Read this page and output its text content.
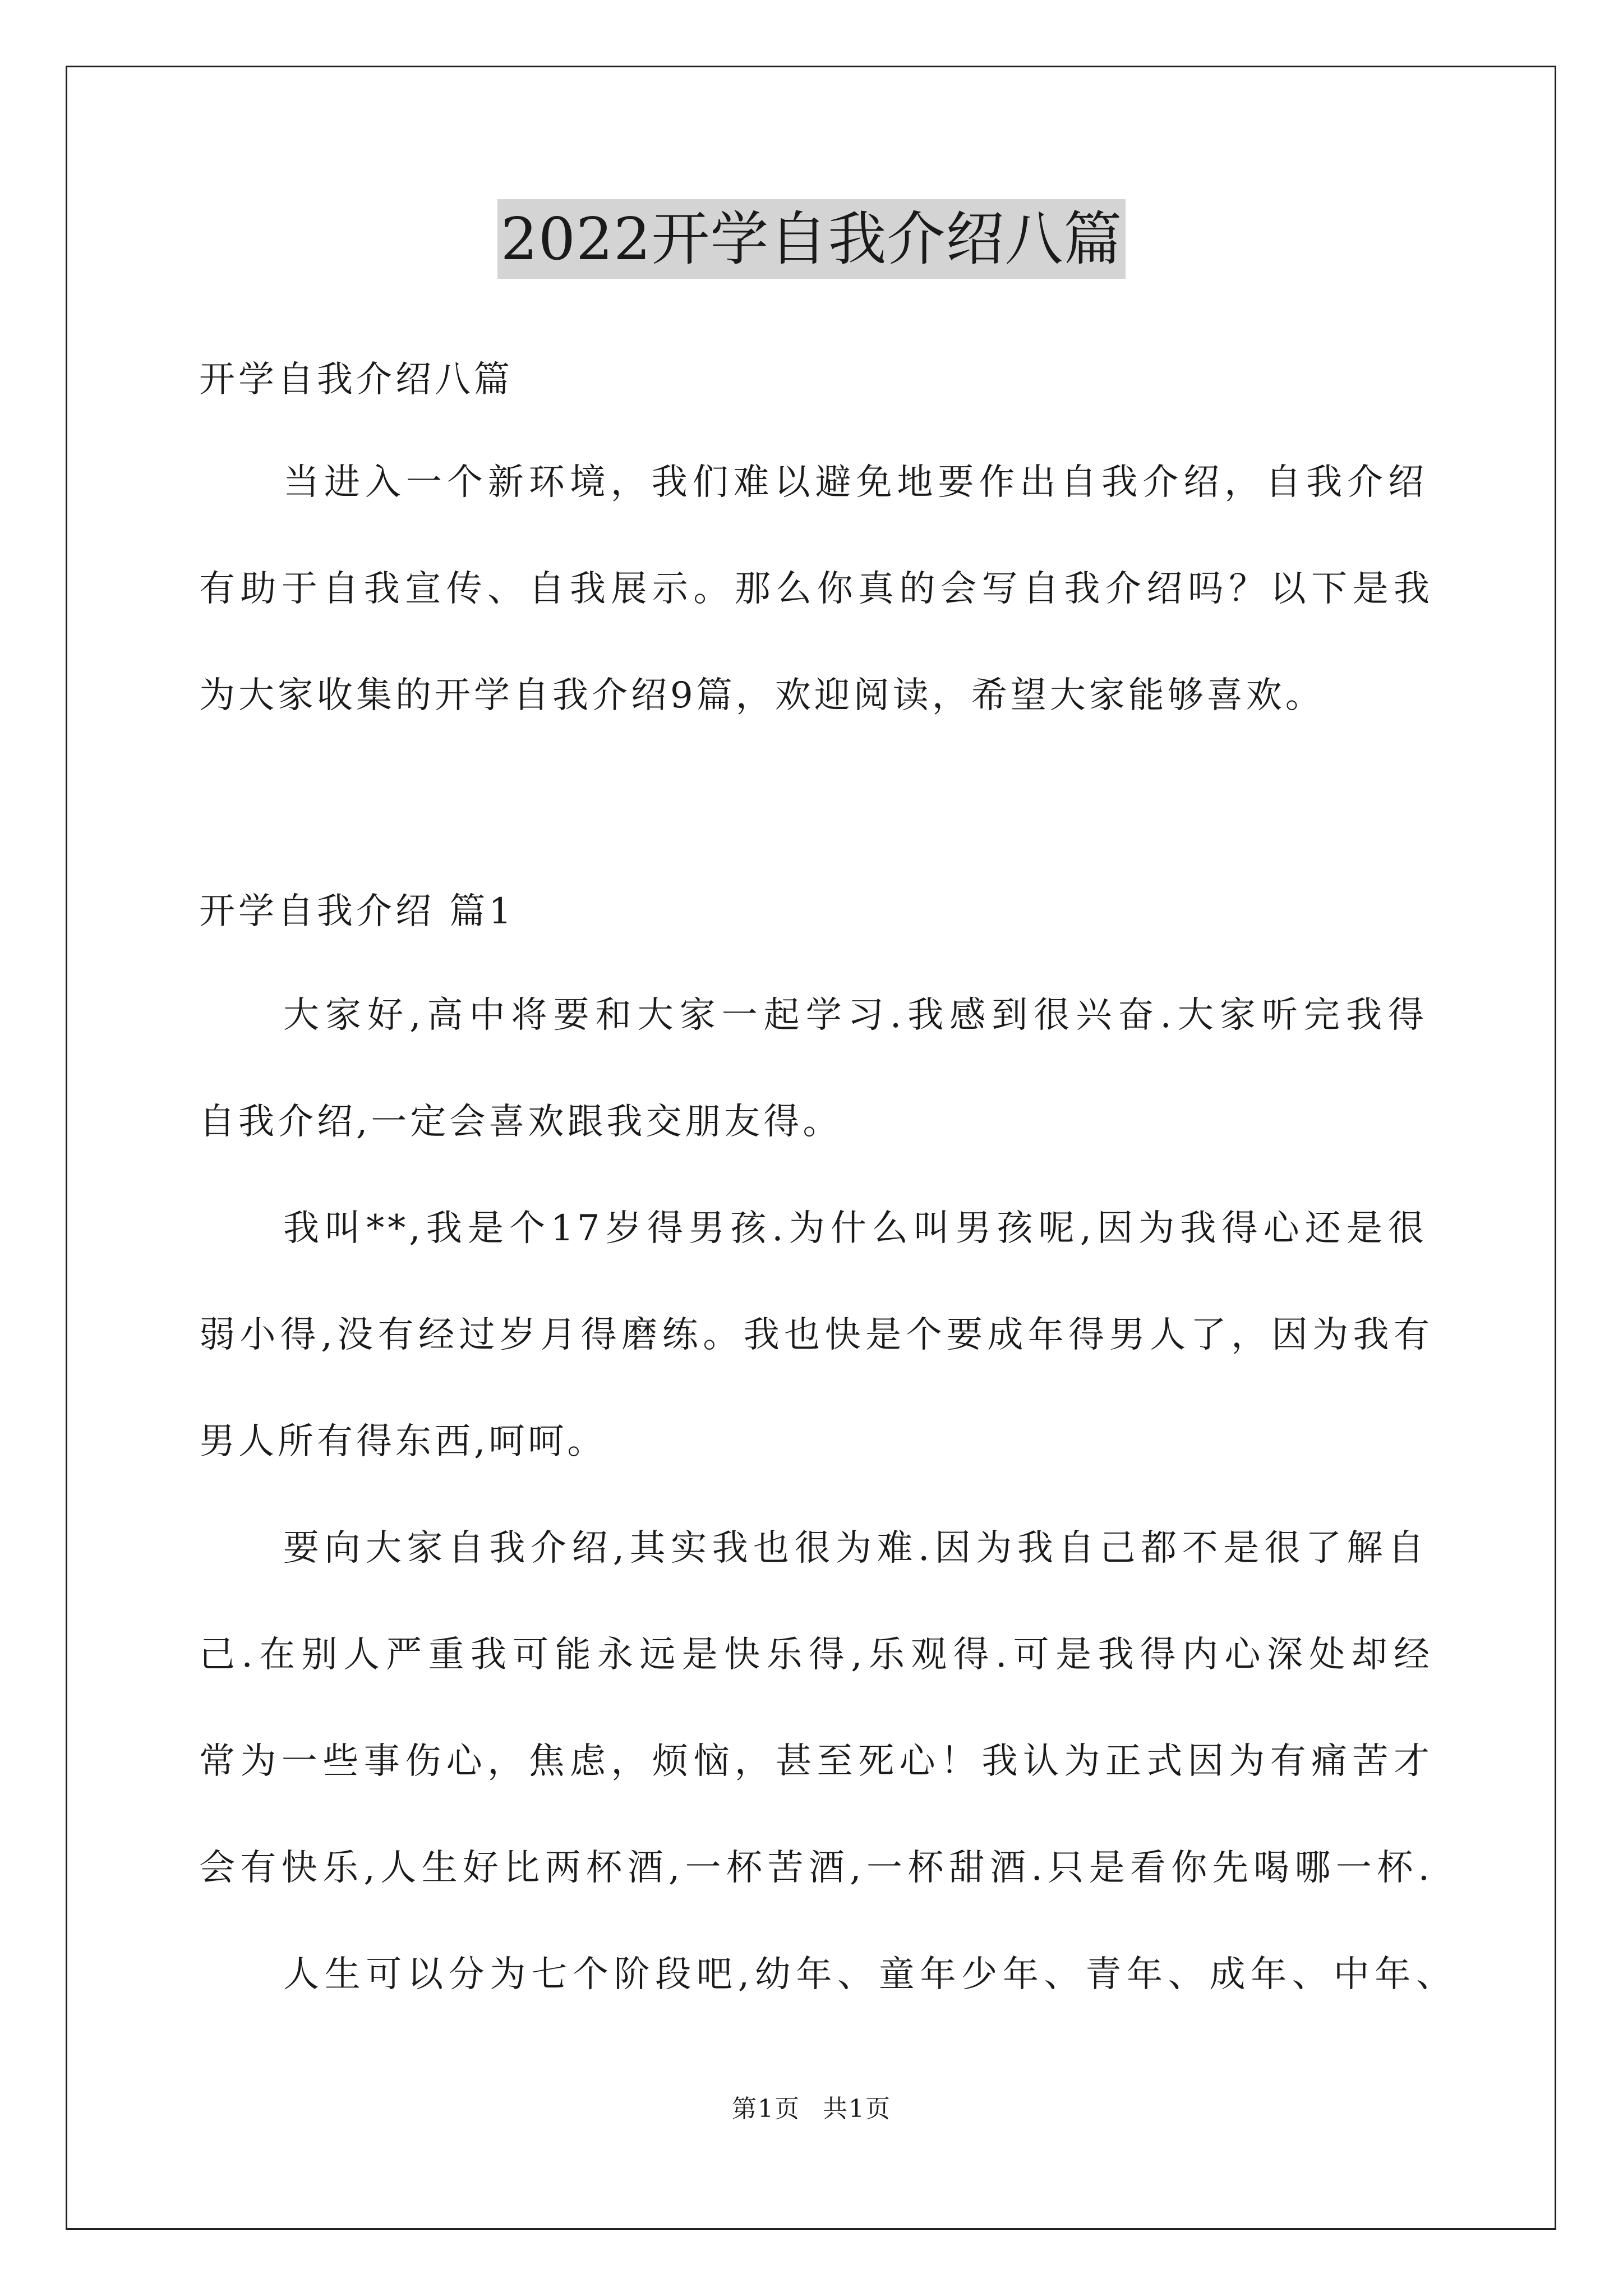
2022开学自我介绍八篇
开学自我介绍八篇
当进入一个新环境，我们难以避免地要作出自我介绍，自我介绍
有助于自我宣传、自我展示。那么你真的会写自我介绍吗？以下是我
为大家收集的开学自我介绍9篇，欢迎阅读，希望大家能够喜欢。
开学自我介绍 篇1
大家好,高中将要和大家一起学习.我感到很兴奋.大家听完我得
自我介绍,一定会喜欢跟我交朋友得。
我叫**,我是个17岁得男孩.为什么叫男孩呢,因为我得心还是很
弱小得,没有经过岁月得磨练。我也快是个要成年得男人了，因为我有
男人所有得东西,呵呵。
要向大家自我介绍,其实我也很为难.因为我自己都不是很了解自
己.在别人严重我可能永远是快乐得,乐观得.可是我得内心深处却经
常为一些事伤心，焦虑，烦恼，甚至死心！我认为正式因为有痛苦才
会有快乐,人生好比两杯酒,一杯苦酒,一杯甜酒.只是看你先喝哪一杯.
人生可以分为七个阶段吧,幼年、童年少年、青年、成年、中年、
第1页 共1页
